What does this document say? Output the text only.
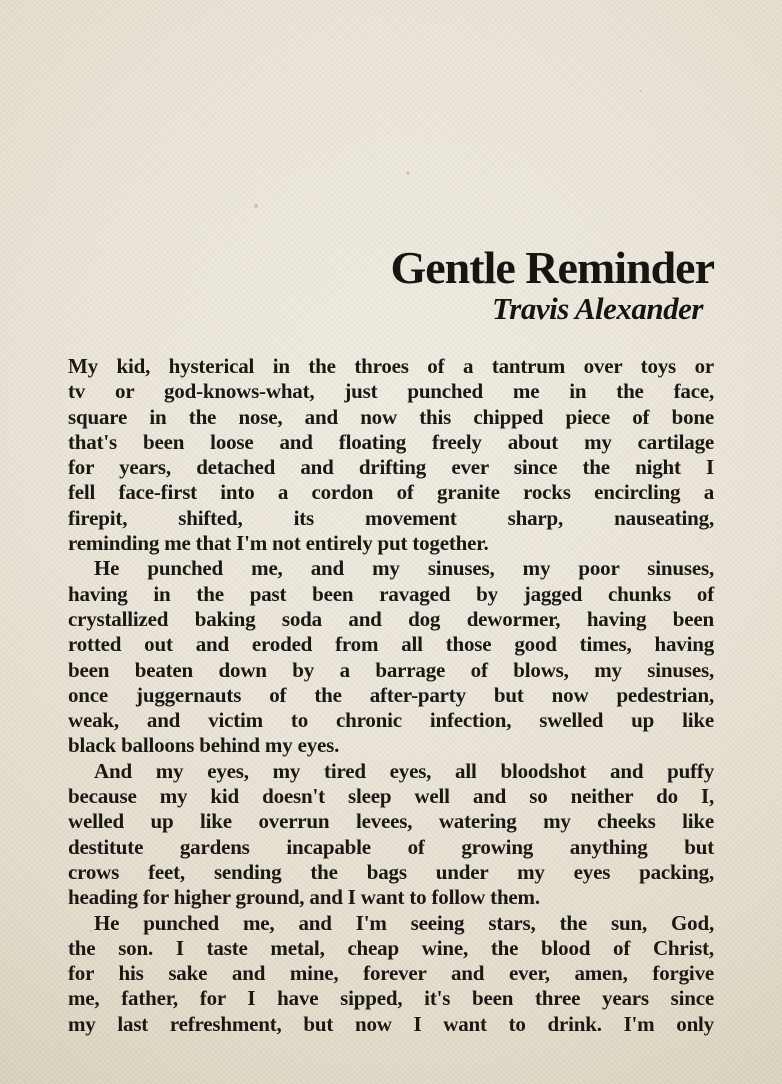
Gentle Reminder
Travis Alexander
My kid, hysterical in the throes of a tantrum over toys or
tv or god-knows-what, just punched me in the face,
square in the nose, and now this chipped piece of bone
that's been loose and floating freely about my cartilage
for years, detached and drifting ever since the night I
fell face-first into a cordon of granite rocks encircling a
firepit, shifted, its movement sharp, nauseating,
reminding me that I'm not entirely put together.
He punched me, and my sinuses, my poor sinuses,
having in the past been ravaged by jagged chunks of
crystallized baking soda and dog dewormer, having been
rotted out and eroded from all those good times, having
been beaten down by a barrage of blows, my sinuses,
once juggernauts of the after-party but now pedestrian,
weak, and victim to chronic infection, swelled up like
black balloons behind my eyes.
And my eyes, my tired eyes, all bloodshot and puffy
because my kid doesn't sleep well and so neither do I,
welled up like overrun levees, watering my cheeks like
destitute gardens incapable of growing anything but
crows feet, sending the bags under my eyes packing,
heading for higher ground, and I want to follow them.
He punched me, and I'm seeing stars, the sun, God,
the son. I taste metal, cheap wine, the blood of Christ,
for his sake and mine, forever and ever, amen, forgive
me, father, for I have sipped, it's been three years since
my last refreshment, but now I want to drink. I'm only
